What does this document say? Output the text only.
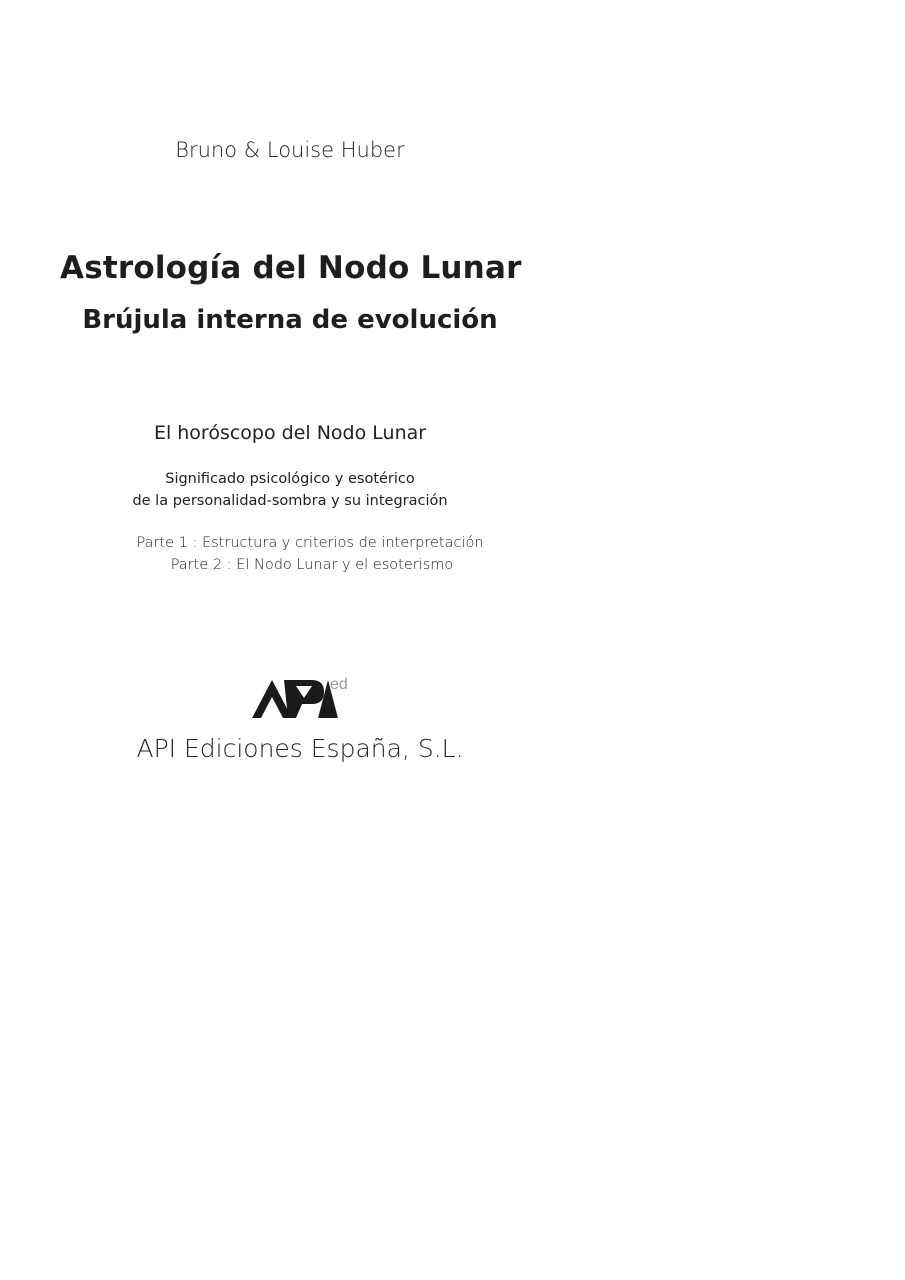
Bruno & Louise Huber
Astrología del Nodo Lunar
Brújula interna de evolución
El horóscopo del Nodo Lunar
Significado psicológico y esotérico
de la personalidad-sombra y su integración
Parte 1 : Estructura y criterios de interpretación
Parte 2 : El Nodo Lunar y el esoterismo
ed
API Ediciones España, S.L.
